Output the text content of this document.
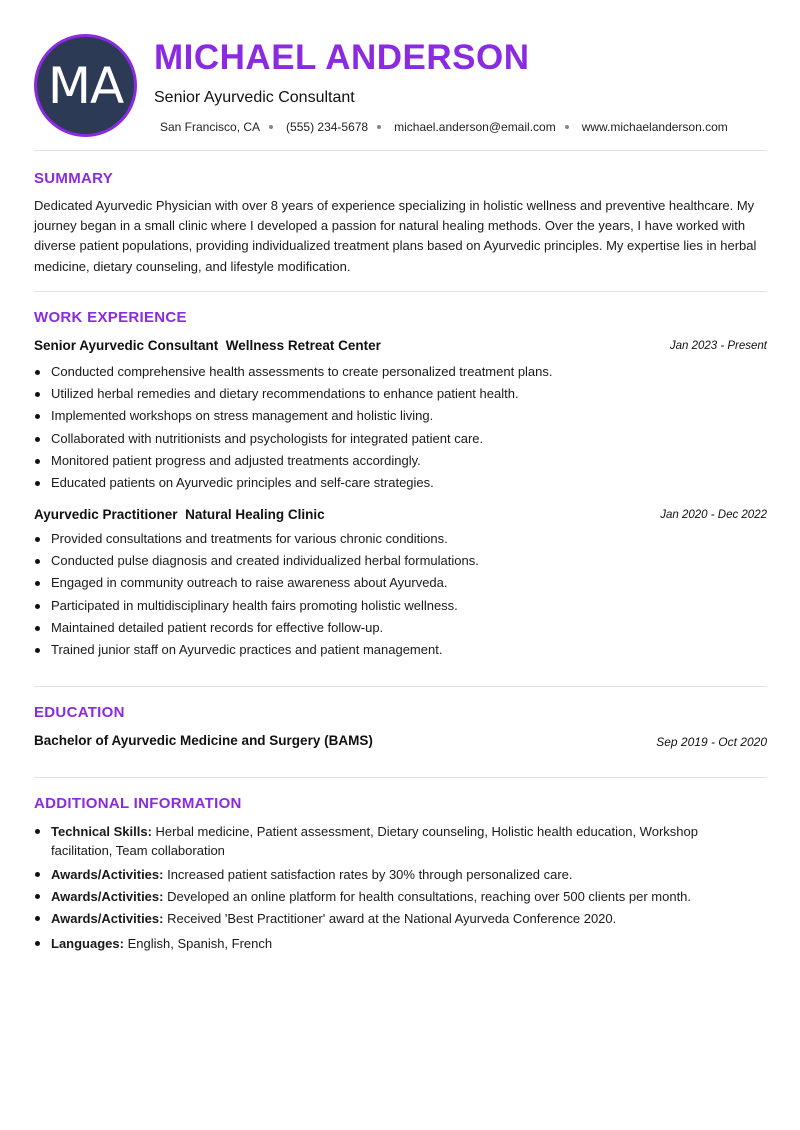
MA MICHAEL ANDERSON
Senior Ayurvedic Consultant
San Francisco, CA (555) 234-5678 michael.anderson@email.com www.michaelanderson.com
SUMMARY

Dedicated Ayurvedic Physician with over 8 years of experience specializing in holistic wellness and preventive healthcare. My journey began in a small clinic where I developed a passion for natural healing methods. Over the years, I have worked with diverse patient populations, providing individualized treatment plans based on Ayurvedic principles. My expertise lies in herbal medicine, dietary counseling, and lifestyle modification.

WORK EXPERIENCE
Senior Ayurvedic Consultant Wellness Retreat Center	Jan 2023 - Present
Conducted comprehensive health assessments to create personalized treatment plans.
Utilized herbal remedies and dietary recommendations to enhance patient health.
Implemented workshops on stress management and holistic living.
Collaborated with nutritionists and psychologists for integrated patient care.
Monitored patient progress and adjusted treatments accordingly.
Educated patients on Ayurvedic principles and self-care strategies.
Ayurvedic Practitioner Natural Healing Clinic	Jan 2020 - Dec 2022
Provided consultations and treatments for various chronic conditions.
Conducted pulse diagnosis and created individualized herbal formulations.
Engaged in community outreach to raise awareness about Ayurveda.
Participated in multidisciplinary health fairs promoting holistic wellness.
Maintained detailed patient records for effective follow-up.
Trained junior staff on Ayurvedic practices and patient management.
EDUCATION
Bachelor of Ayurvedic Medicine and Surgery (BAMS)	Sep 2019 - Oct 2020
ADDITIONAL INFORMATION
Technical Skills: Herbal medicine, Patient assessment, Dietary counseling, Holistic health education, Workshop facilitation, Team collaboration
Awards/Activities: Increased patient satisfaction rates by 30% through personalized care.
Awards/Activities: Developed an online platform for health consultations, reaching over 500 clients per month.
Awards/Activities: Received 'Best Practitioner' award at the National Ayurveda Conference 2020.
Languages: English, Spanish, French
